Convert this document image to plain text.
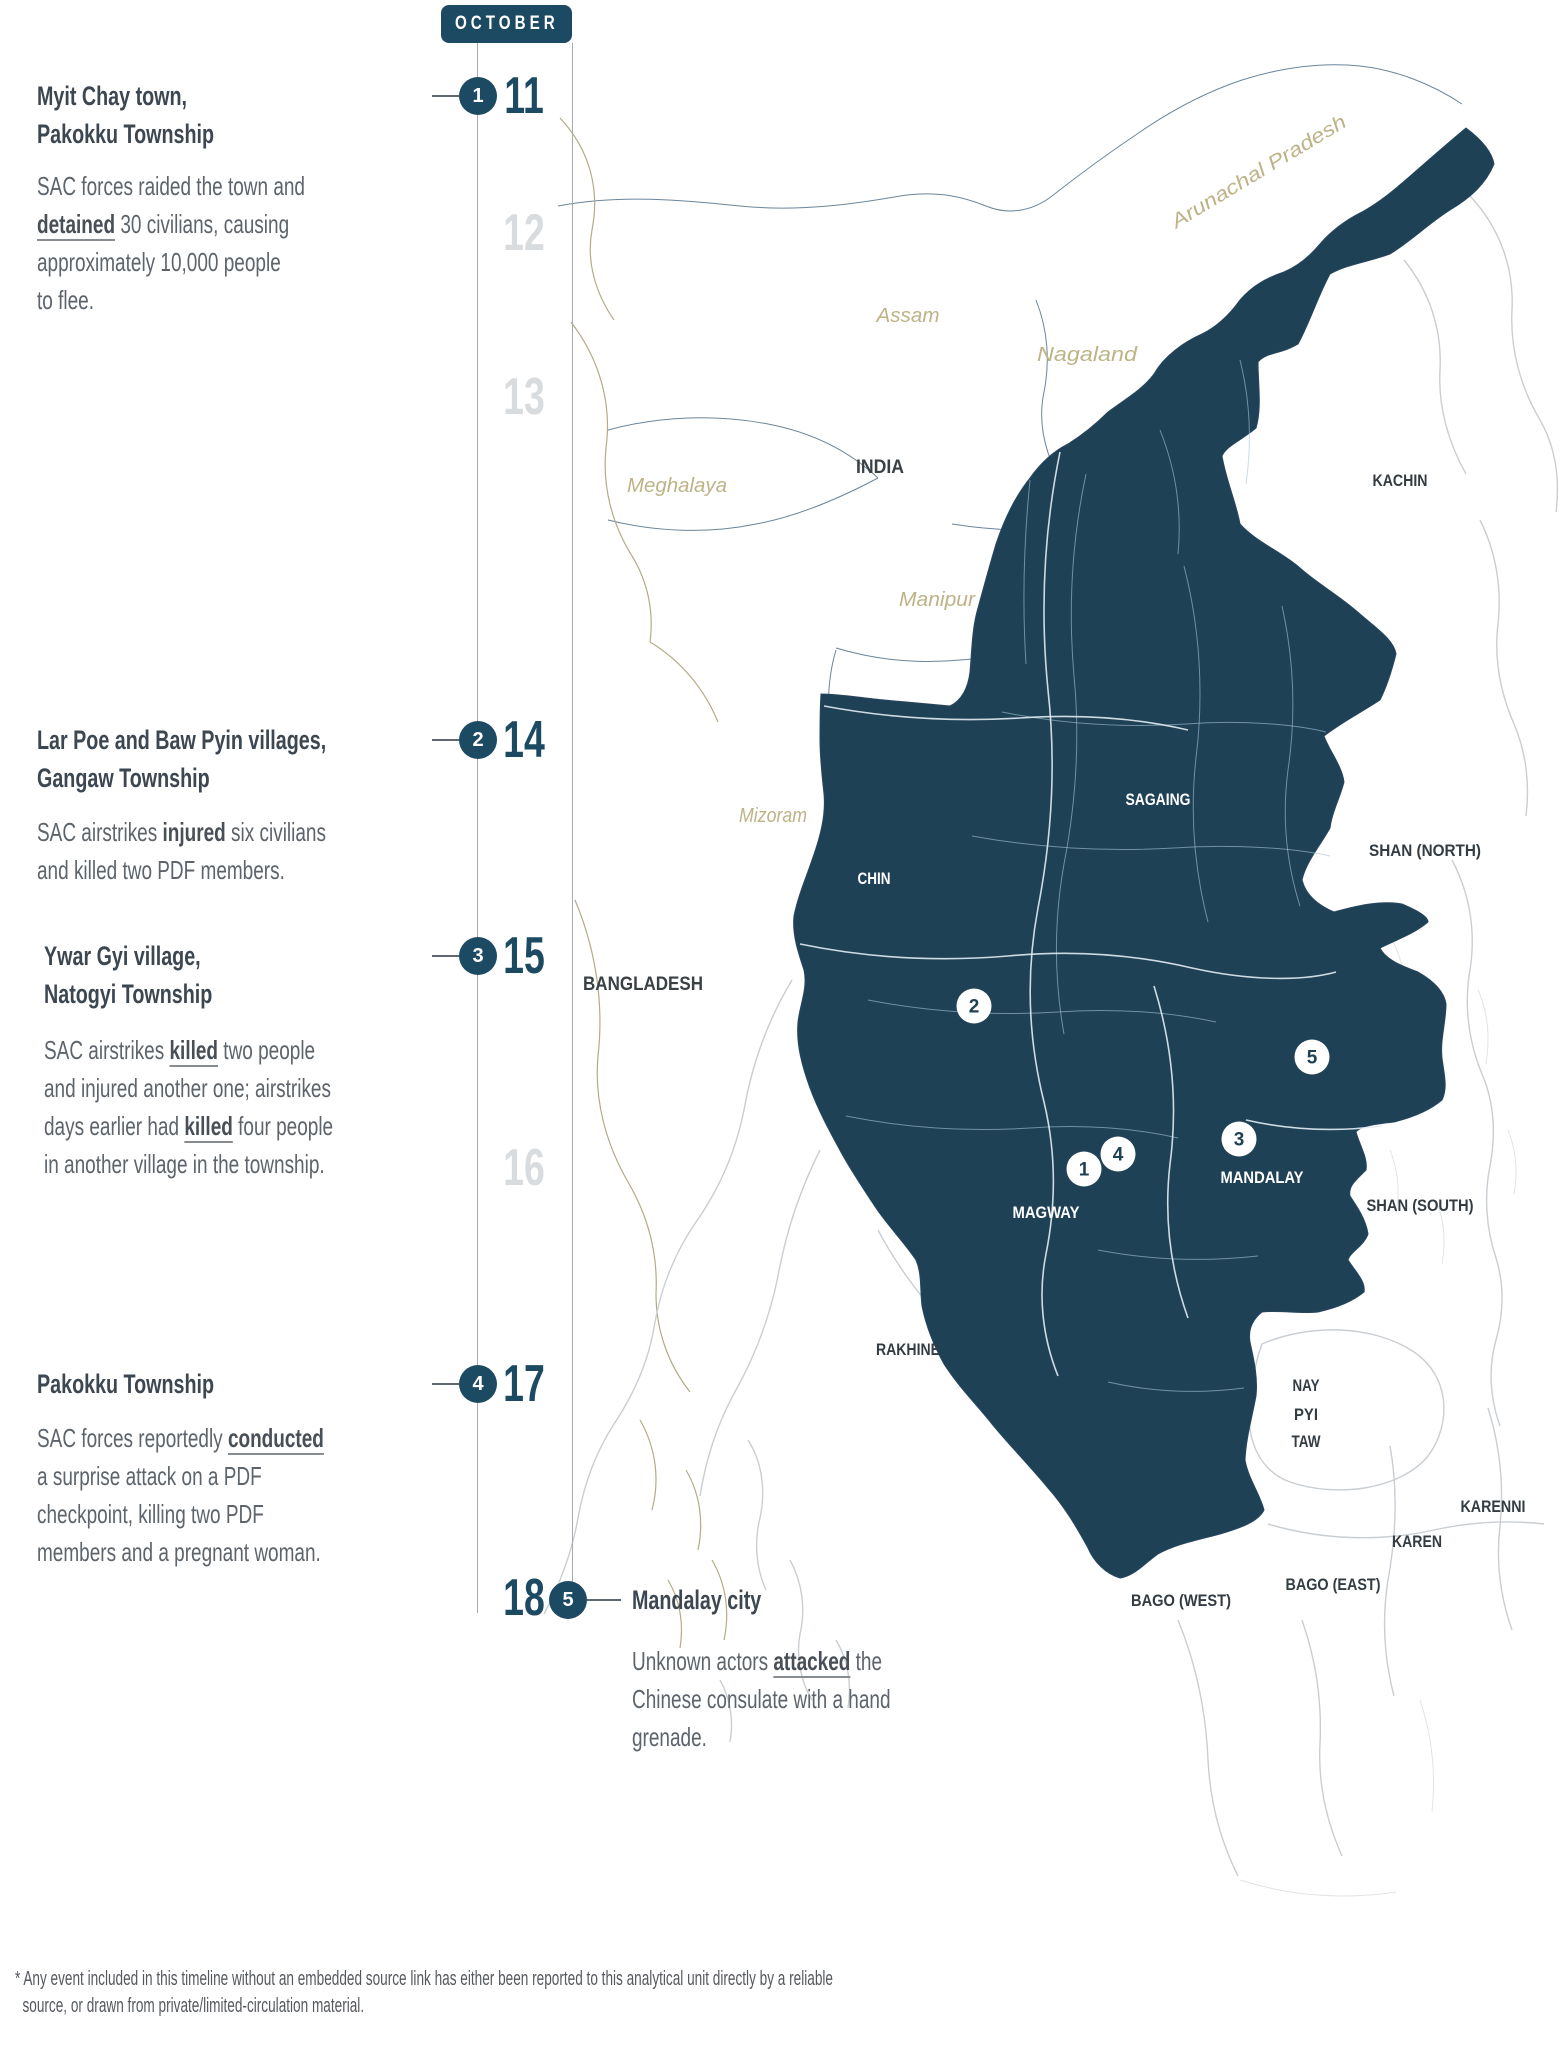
Arunachal Pradesh
Assam
Nagaland
Meghalaya
Manipur
Mizoram
INDIA
BANGLADESH
KACHIN
SHAN (NORTH)
SHAN (SOUTH)
RAKHINE
KARENNI
KAREN
BAGO (EAST)
BAGO (WEST)
NAY
PYI
TAW
SAGAING
CHIN
MAGWAY
MANDALAY
1
2
3
4
5
OCTOBER
11
12
13
14
15
16
17
18
1
2
3
4
5
Myit Chay town,
Pakokku Township
SAC forces raided the town and
detained 30 civilians, causing
approximately 10,000 people
to flee.
Lar Poe and Baw Pyin villages,
Gangaw Township
SAC airstrikes injured six civilians
and killed two PDF members.
Ywar Gyi village,
Natogyi Township
SAC airstrikes killed two people
and injured another one; airstrikes
days earlier had killed four people
in another village in the township.
Pakokku Township
SAC forces reportedly conducted
a surprise attack on a PDF
checkpoint, killing two PDF
members and a pregnant woman.
Mandalay city
Unknown actors attacked the
Chinese consulate with a hand
grenade.
* Any event included in this timeline without an embedded source link has either been reported to this analytical unit directly by a reliable
source, or drawn from private/limited-circulation material.
